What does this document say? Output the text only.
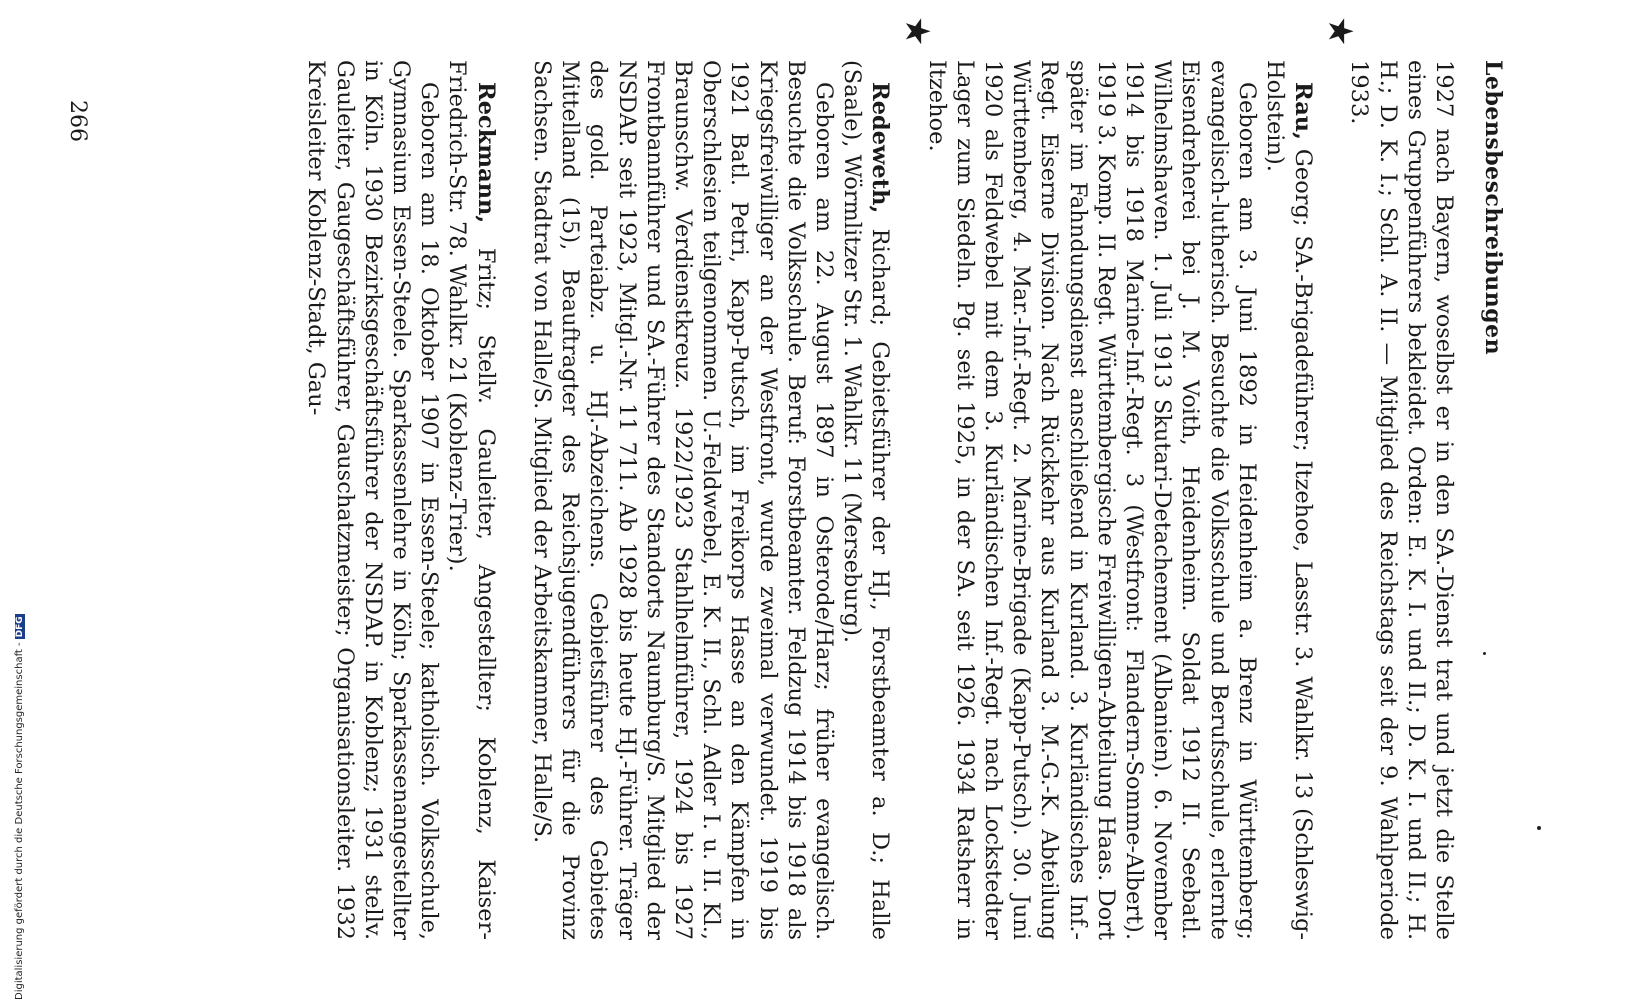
Lebensbeschreibungen

1927 nach Bayern, woselbst er in den SA.-Dienst trat und jetzt die Stelle eines Gruppenführers bekleidet. Orden: E. K. I. und II.; D. K. I. und II.; H. H.; D. K. I.; Schl. A. II. — Mitglied des Reichstags seit der 9. Wahlperiode 1933.

★

Rau, Georg; SA.-Brigadeführer; Itzehoe, Lasstr. 3. Wahlkr. 13 (Schleswig-Holstein).

Geboren am 3. Juni 1892 in Heidenheim a. Brenz in Württemberg; evangelisch-lutherisch. Besuchte die Volksschule und Berufsschule, erlernte Eisendreherei bei J. M. Voith, Heidenheim. Soldat 1912 II. Seebatl. Wilhelmshaven. 1. Juli 1913 Skutari-Detachement (Albanien). 6. November 1914 bis 1918 Marine-Inf.-Regt. 3 (Westfront: Flandern-Somme-Albert). 1919 3. Komp. II. Regt. Württembergische Freiwilligen-Abteilung Haas. Dort später im Fahndungsdienst anschließend in Kurland. 3. Kurländisches Inf.-Regt. Eiserne Division. Nach Rückkehr aus Kurland 3. M.-G.-K. Abteilung Württemberg, 4. Mar.-Inf.-Regt. 2. Marine-Brigade (Kapp-Putsch). 30. Juni 1920 als Feldwebel mit dem 3. Kurländischen Inf.-Regt. nach Lockstedter Lager zum Siedeln. Pg. seit 1925, in der SA. seit 1926. 1934 Ratsherr in Itzehoe.

★

Redeweth, Richard; Gebietsführer der HJ., Forstbeamter a. D.; Halle (Saale), Wörmlitzer Str. 1. Wahlkr. 11 (Merseburg).

Geboren am 22. August 1897 in Osterode/Harz; früher evangelisch. Besuchte die Volksschule. Beruf: Forstbeamter. Feldzug 1914 bis 1918 als Kriegsfreiwilliger an der Westfront, wurde zweimal verwundet. 1919 bis 1921 Batl. Petri, Kapp-Putsch, im Freikorps Hasse an den Kämpfen in Oberschlesien teilgenommen. U.-Feldwebel, E. K. II., Schl. Adler I. u. II. Kl., Braunschw. Verdienstkreuz. 1922/1923 Stahlhelmführer, 1924 bis 1927 Frontbannführer und SA.-Führer des Standorts Naumburg/S. Mitglied der NSDAP. seit 1923, Mitgl.-Nr. 11 711. Ab 1928 bis heute HJ.-Führer. Träger des gold. Parteiabz. u. HJ.-Abzeichens. Gebietsführer des Gebietes Mittelland (15), Beauftragter des Reichsjugendführers für die Provinz Sachsen. Stadtrat von Halle/S. Mitglied der Arbeitskammer, Halle/S.

Reckmann, Fritz; Stellv. Gauleiter, Angestellter; Koblenz, Kaiser-Friedrich-Str. 78. Wahlkr. 21 (Koblenz-Trier).

Geboren am 18. Oktober 1907 in Essen-Steele; katholisch. Volksschule, Gymnasium Essen-Steele. Sparkassenlehre in Köln; Sparkassenangestellter in Köln. 1930 Bezirksgeschäftsführer der NSDAP. in Koblenz; 1931 stellv. Gauleiter, Gaugeschäftsführer, Gauschatzmeister; Organisationsleiter. 1932 Kreisleiter Koblenz-Stadt, Gau-

266
Digitalisierung gefördert durch die Deutsche Forschungsgemeinschaft -DFG
